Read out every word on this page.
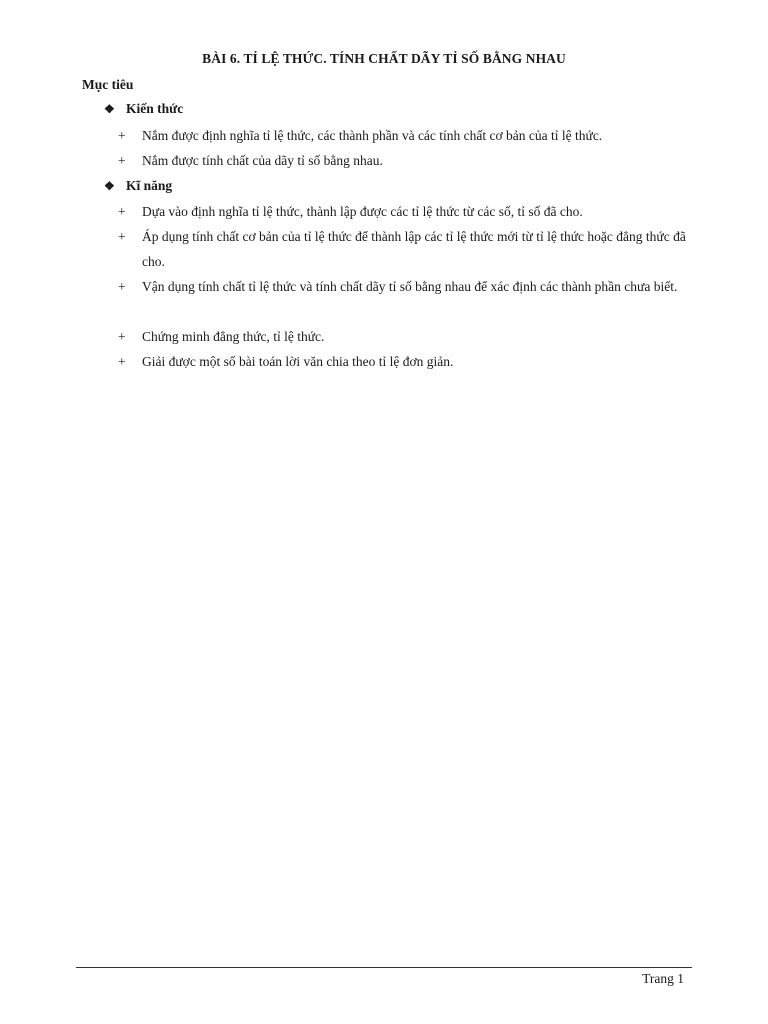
BÀI 6. TỈ LỆ THỨC. TÍNH CHẤT DÃY TỈ SỐ BẰNG NHAU
Mục tiêu
❖ Kiến thức
+	Nắm được định nghĩa tỉ lệ thức, các thành phần và các tính chất cơ bản của tỉ lệ thức.
+	Nắm được tính chất của dãy tỉ số bằng nhau.
❖ Kĩ năng
+	Dựa vào định nghĩa tỉ lệ thức, thành lập được các tỉ lệ thức từ các số, tỉ số đã cho.
+	Áp dụng tính chất cơ bản của tỉ lệ thức để thành lập các tỉ lệ thức mới từ tỉ lệ thức hoặc đẳng thức đã cho.
+	Vận dụng tính chất tỉ lệ thức và tính chất dãy tỉ số bằng nhau để xác định các thành phần chưa biết.
+	Chứng minh đẳng thức, tỉ lệ thức.
+	Giải được một số bài toán lời văn chia theo tỉ lệ đơn giản.
Trang 1
